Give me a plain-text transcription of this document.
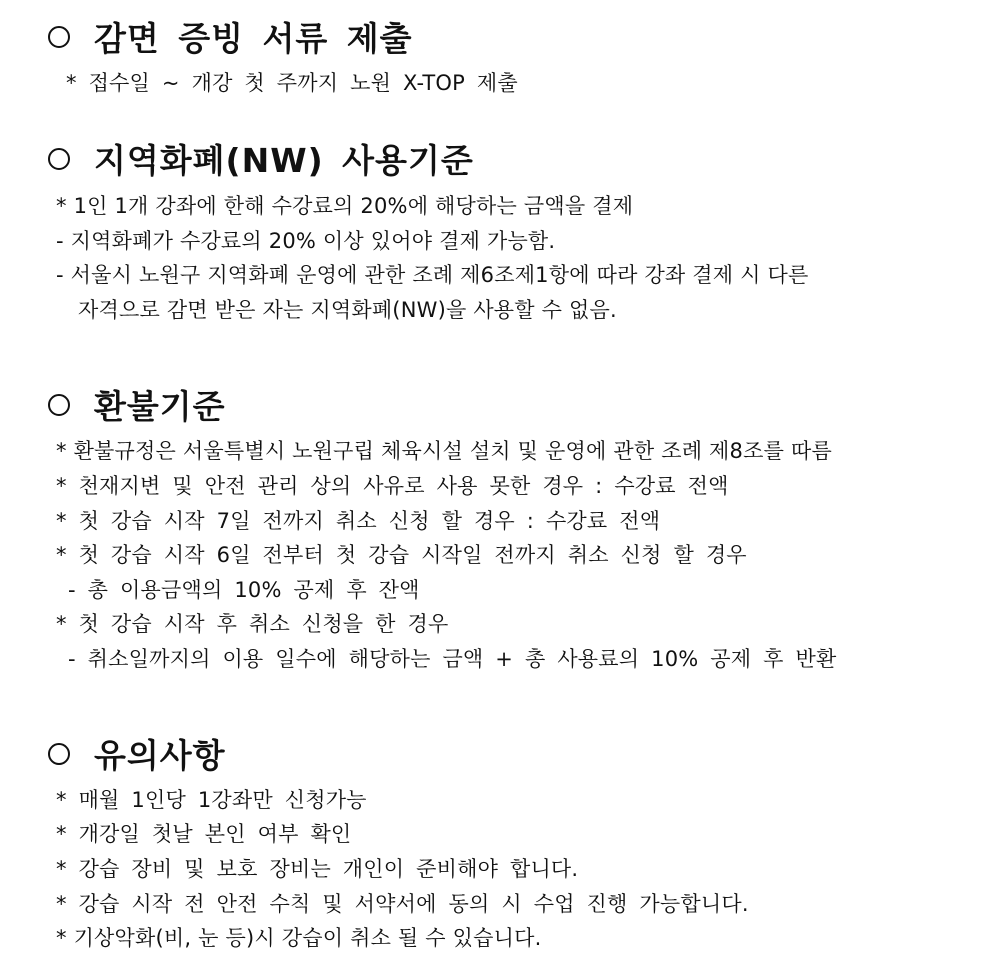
감면 증빙 서류 제출
* 접수일 ~ 개강 첫 주까지 노원 X-TOP 제출
지역화폐(NW) 사용기준
* 1인 1개 강좌에 한해 수강료의 20%에 해당하는 금액을 결제
- 지역화폐가 수강료의 20% 이상 있어야 결제 가능함.
- 서울시 노원구 지역화폐 운영에 관한 조례 제6조제1항에 따라 강좌 결제 시 다른
자격으로 감면 받은 자는 지역화폐(NW)을 사용할 수 없음.
환불기준
* 환불규정은 서울특별시 노원구립 체육시설 설치 및 운영에 관한 조례 제8조를 따름
* 천재지변 및 안전 관리 상의 사유로 사용 못한 경우 : 수강료 전액
* 첫 강습 시작 7일 전까지 취소 신청 할 경우 : 수강료 전액
* 첫 강습 시작 6일 전부터 첫 강습 시작일 전까지 취소 신청 할 경우
- 총 이용금액의 10% 공제 후 잔액
* 첫 강습 시작 후 취소 신청을 한 경우
- 취소일까지의 이용 일수에 해당하는 금액 + 총 사용료의 10% 공제 후 반환
유의사항
* 매월 1인당 1강좌만 신청가능
* 개강일 첫날 본인 여부 확인
* 강습 장비 및 보호 장비는 개인이 준비해야 합니다.
* 강습 시작 전 안전 수칙 및 서약서에 동의 시 수업 진행 가능합니다.
* 기상악화(비, 눈 등)시 강습이 취소 될 수 있습니다.
